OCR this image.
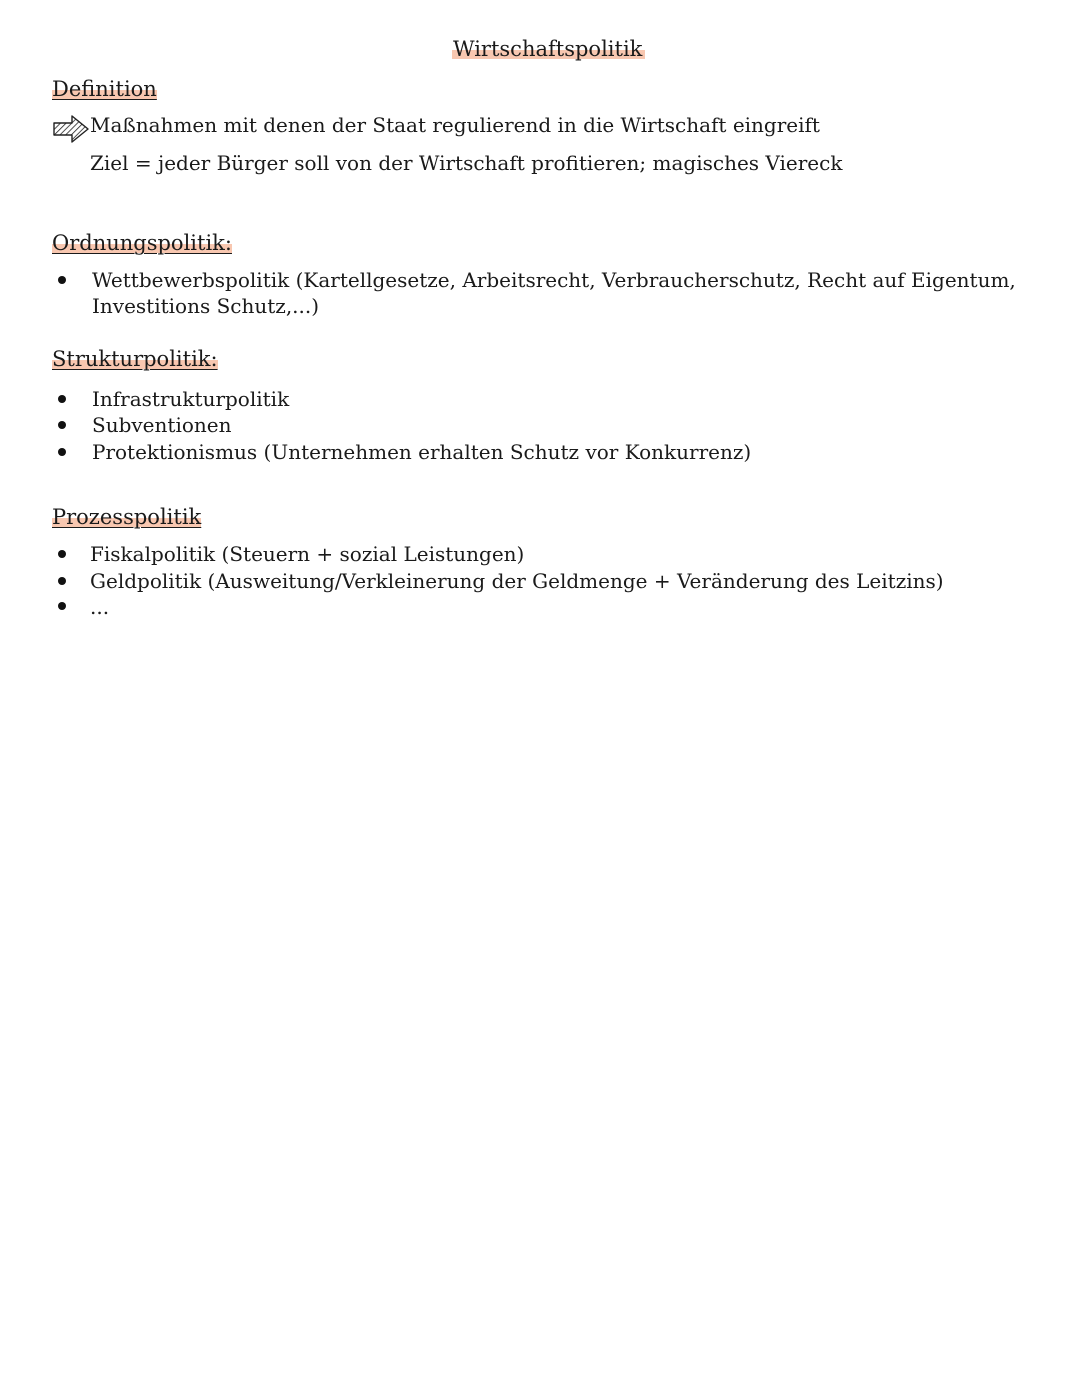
Wirtschaftspolitik
Definition
Maßnahmen mit denen der Staat regulierend in die Wirtschaft eingreift
Ziel = jeder Bürger soll von der Wirtschaft profitieren; magisches Viereck
Ordnungspolitik:
Wettbewerbspolitik (Kartellgesetze, Arbeitsrecht, Verbraucherschutz, Recht auf Eigentum,
Investitions Schutz,...)
Strukturpolitik:
Infrastrukturpolitik
Subventionen
Protektionismus (Unternehmen erhalten Schutz vor Konkurrenz)
Prozesspolitik
Fiskalpolitik (Steuern + sozial Leistungen)
Geldpolitik (Ausweitung/Verkleinerung der Geldmenge + Veränderung des Leitzins)
...
